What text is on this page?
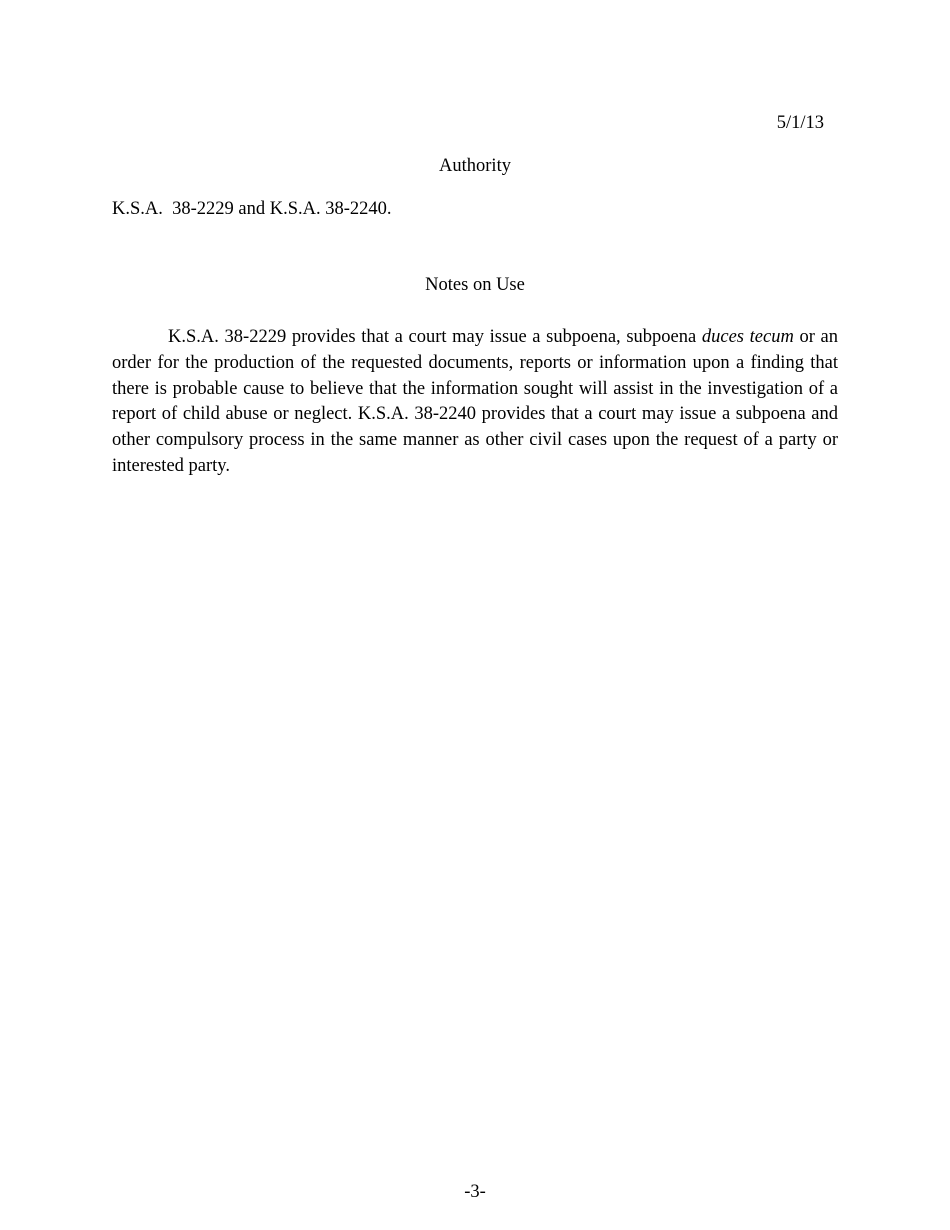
5/1/13
Authority
K.S.A.  38-2229 and K.S.A. 38-2240.
Notes on Use

K.S.A. 38-2229 provides that a court may issue a subpoena, subpoena duces tecum or an order for the production of the requested documents, reports or information upon a finding that there is probable cause to believe that the information sought will assist in the investigation of a report of child abuse or neglect. K.S.A. 38-2240 provides that a court may issue a subpoena and other compulsory process in the same manner as other civil cases upon the request of a party or interested party.

-3-
